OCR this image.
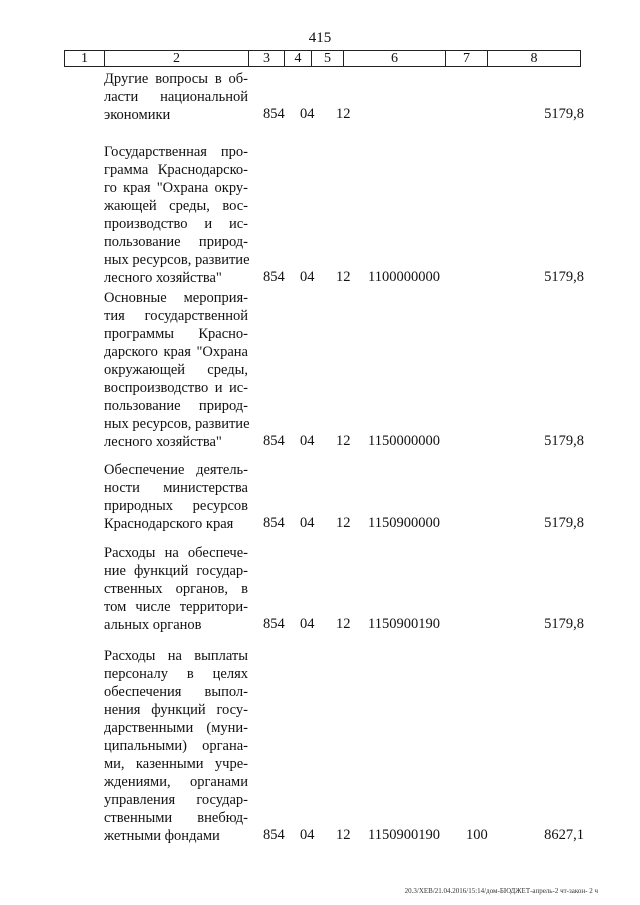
415
1	2	3	4	5	6	7	8
Другие вопросы в об-
ласти национальной
экономики	854 04 12	5179,8
Государственная про-
грамма Краснодарско-
го края "Охрана окру-
жающей среды, вос-
производство и ис-
пользование природ-
ных ресурсов, развитие
лесного хозяйства"	854 04 12 1100000000	5179,8
Основные мероприя-
тия государственной
программы Красно-
дарского края "Охрана
окружающей среды,
воспроизводство и ис-
пользование природ-
ных ресурсов, развитие
лесного хозяйства"	854 04 12 1150000000	5179,8
Обеспечение деятель-
ности министерства
природных ресурсов
Краснодарского края	854 04 12 1150900000	5179,8
Расходы на обеспече-
ние функций государ-
ственных органов, в
том числе территори-
альных органов	854 04 12 1150900190	5179,8
Расходы на выплаты
персоналу в целях
обеспечения выпол-
нения функций госу-
дарственными (муни-
ципальными) органа-
ми, казенными учре-
ждениями, органами
управления государ-
ственными внебюд-
жетными фондами	854 04 12 1150900190 100	8627,1
20.3/ХЕВ/21.04.2016/15:14/дом-БЮДЖЕТ-апрель-2 чт-закон- 2 ч
